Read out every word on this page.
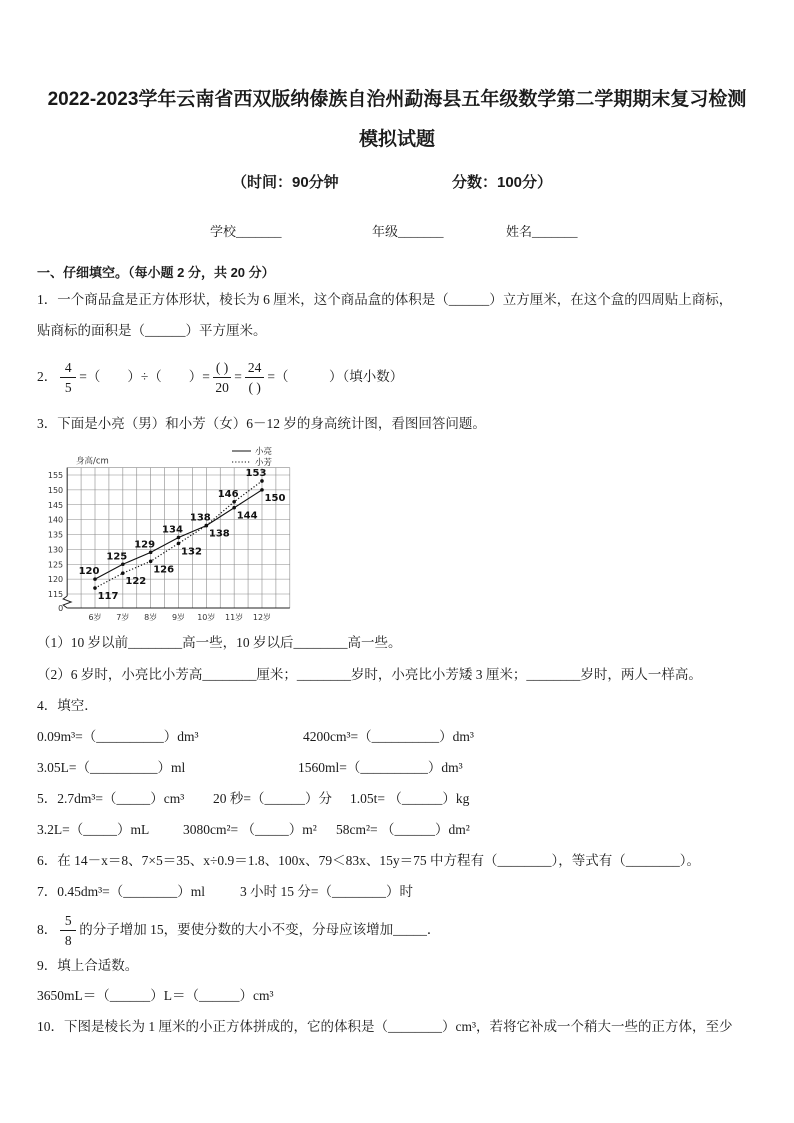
2022-2023学年云南省西双版纳傣族自治州勐海县五年级数学第二学期期末复习检测
模拟试题
（时间：90分钟	分数：100分）
学校_______	年级_______	姓名_______
一、仔细填空。（每小题 2 分，共 20 分）
1．一个商品盒是正方体形状，棱长为 6 厘米，这个商品盒的体积是（______）立方厘米，在这个盒的四周贴上商标，
贴商标的面积是（______）平方厘米。
2． $\frac{4}{5}$ =（　　）÷（　　）= $\frac{( )}{20} = \frac{24}{( )}$ =（　　　）（填小数）
3．下面是小亮（男）和小芳（女）6－12 岁的身高统计图，看图回答问题。
0
115
120
125
130
135
140
145
150
155
6岁 7岁 8岁 9岁 10岁 11岁 12岁
身高/cm
120
125
129
134
138	144
150
117
122
126
132
138
146
153
小亮
小芳
（1）10 岁以前________高一些，10 岁以后________高一些。
（2）6 岁时，小亮比小芳高________厘米；________岁时，小亮比小芳矮 3 厘米；________岁时，两人一样高。
4．填空．
0.09m³=（__________）dm³	4200cm³=（__________）dm³
3.05L=（__________）ml	1560ml=（__________）dm³
5．2.7dm³=（_____）cm³ 20 秒=（______）分 1.05t= （______）kg
3.2L=（_____）mL	3080cm²= （_____）m² 58cm²= （______）dm²
6．在 14－x＝8、7×5＝35、x÷0.9＝1.8、100x、79＜83x、15y＝75 中方程有（________），等式有（________）。
7．0.45dm³=（________）ml	3 小时 15 分=（________）时
8． $\frac{5}{8}$ 的分子增加 15，要使分数的大小不变，分母应该增加_____．
9．填上合适数。
3650mL＝（______）L＝（______）cm³
10．下图是棱长为 1 厘米的小正方体拼成的，它的体积是（________）cm³，若将它补成一个稍大一些的正方体，至少
